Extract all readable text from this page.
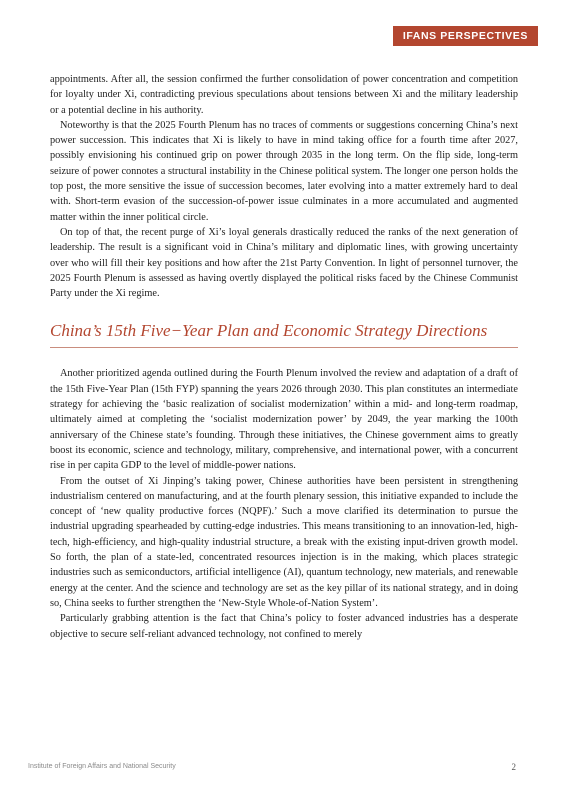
IFANS PERSPECTIVES

appointments. After all, the session confirmed the further consolidation of power concentration and competition for loyalty under Xi, contradicting previous speculations about tensions between Xi and the military leadership or a potential decline in his authority.

Noteworthy is that the 2025 Fourth Plenum has no traces of comments or suggestions concerning China’s next power succession. This indicates that Xi is likely to have in mind taking office for a fourth time after 2027, possibly envisioning his continued grip on power through 2035 in the long term. On the flip side, long-term seizure of power connotes a structural instability in the Chinese political system. The longer one person holds the top post, the more sensitive the issue of succession becomes, later evolving into a matter extremely hard to deal with. Short-term evasion of the succession-of-power issue culminates in a more accumulated and augmented matter within the inner political circle.

On top of that, the recent purge of Xi’s loyal generals drastically reduced the ranks of the next generation of leadership. The result is a significant void in China’s military and diplomatic lines, with growing uncertainty over who will fill their key positions and how after the 21st Party Convention. In light of personnel turnover, the 2025 Fourth Plenum is assessed as having overtly displayed the political risks faced by the Chinese Communist Party under the Xi regime.

China’s 15th Five−Year Plan and Economic Strategy Directions

Another prioritized agenda outlined during the Fourth Plenum involved the review and adaptation of a draft of the 15th Five-Year Plan (15th FYP) spanning the years 2026 through 2030. This plan constitutes an intermediate strategy for achieving the ‘basic realization of socialist modernization’ within a mid- and long-term roadmap, ultimately aimed at completing the ‘socialist modernization power’ by 2049, the year marking the 100th anniversary of the Chinese state’s founding. Through these initiatives, the Chinese government aims to greatly boost its economic, science and technology, military, comprehensive, and international power, with a concurrent rise in per capita GDP to the level of middle-power nations.

From the outset of Xi Jinping’s taking power, Chinese authorities have been persistent in strengthening industrialism centered on manufacturing, and at the fourth plenary session, this initiative expanded to include the concept of ‘new quality productive forces (NQPF).’ Such a move clarified its determination to pursue the industrial upgrading spearheaded by cutting-edge industries. This means transitioning to an innovation-led, high-tech, high-efficiency, and high-quality industrial structure, a break with the existing input-driven growth model. So forth, the plan of a state-led, concentrated resources injection is in the making, which places strategic industries such as semiconductors, artificial intelligence (AI), quantum technology, new materials, and renewable energy at the center. And the science and technology are set as the key pillar of its national strategy, and in doing so, China seeks to further strengthen the ‘New-Style Whole-of-Nation System’.

Particularly grabbing attention is the fact that China’s policy to foster advanced industries has a desperate objective to secure self-reliant advanced technology, not confined to merely

Institute of Foreign Affairs and National Security	2
